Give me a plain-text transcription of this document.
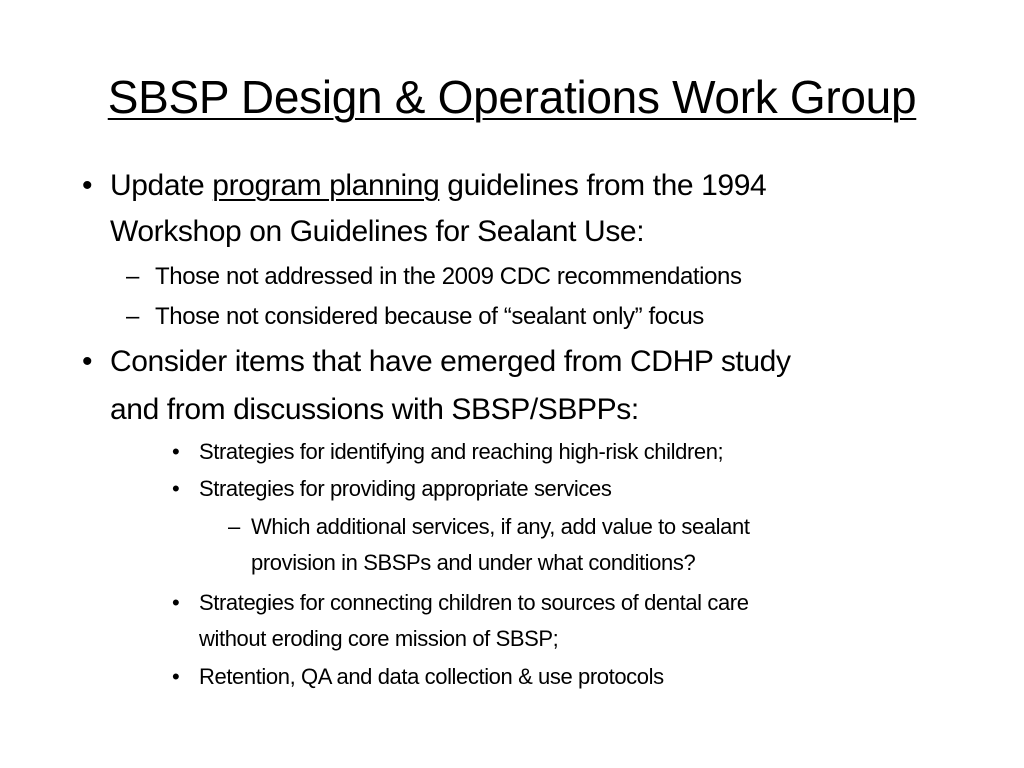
SBSP Design & Operations Work Group
• Update program planning guidelines from the 1994
Workshop on Guidelines for Sealant Use:
– Those not addressed in the 2009 CDC recommendations
– Those not considered because of “sealant only” focus
• Consider items that have emerged from CDHP study
and from discussions with SBSP/SBPPs:
• Strategies for identifying and reaching high-risk children;
• Strategies for providing appropriate services
– Which additional services, if any, add value to sealant
provision in SBSPs and under what conditions?
• Strategies for connecting children to sources of dental care
without eroding core mission of SBSP;
• Retention, QA and data collection & use protocols
